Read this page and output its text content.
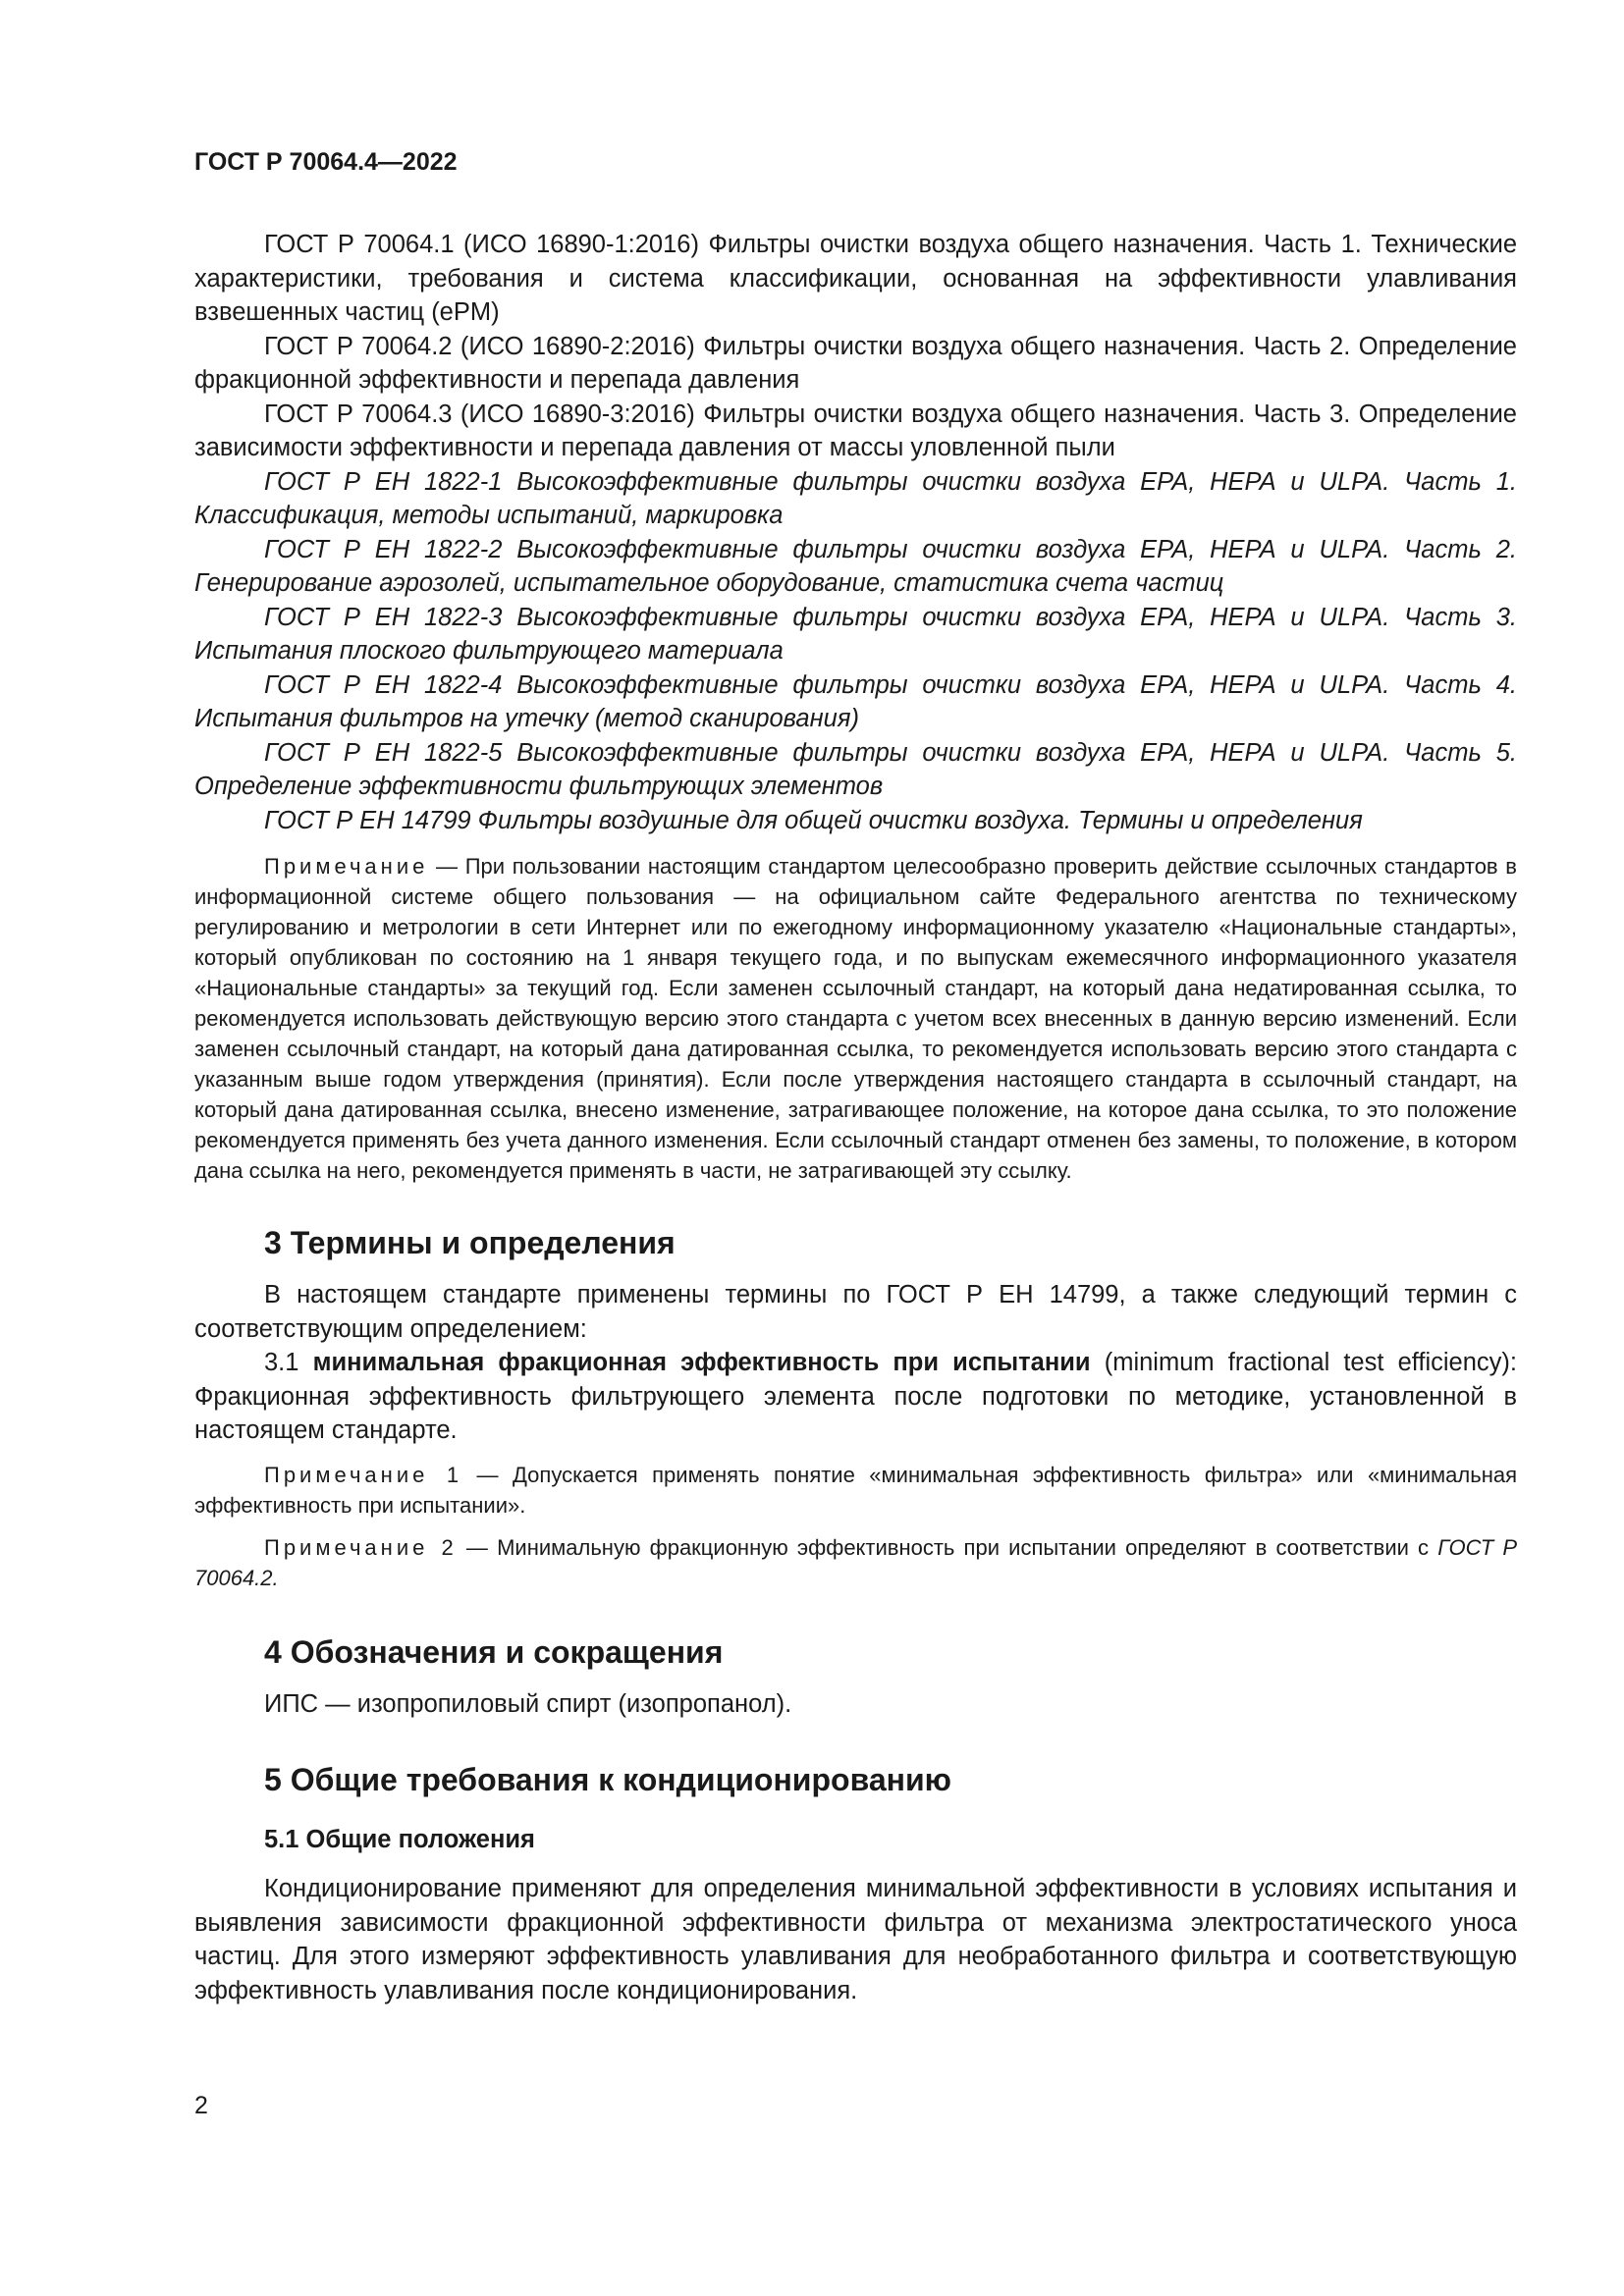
ГОСТ Р 70064.4—2022

ГОСТ Р 70064.1 (ИСО 16890-1:2016) Фильтры очистки воздуха общего назначения. Часть 1. Технические характеристики, требования и система классификации, основанная на эффективности улавливания взвешенных частиц (ePM)

ГОСТ Р 70064.2 (ИСО 16890-2:2016) Фильтры очистки воздуха общего назначения. Часть 2. Определение фракционной эффективности и перепада давления

ГОСТ Р 70064.3 (ИСО 16890-3:2016) Фильтры очистки воздуха общего назначения. Часть 3. Определение зависимости эффективности и перепада давления от массы уловленной пыли

ГОСТ Р ЕН 1822-1 Высокоэффективные фильтры очистки воздуха ЕРА, НЕРА и ULPA. Часть 1. Классификация, методы испытаний, маркировка

ГОСТ Р ЕН 1822-2 Высокоэффективные фильтры очистки воздуха ЕРА, НЕРА и ULPA. Часть 2. Генерирование аэрозолей, испытательное оборудование, статистика счета частиц

ГОСТ Р ЕН 1822-3 Высокоэффективные фильтры очистки воздуха ЕРА, НЕРА и ULPA. Часть 3. Испытания плоского фильтрующего материала

ГОСТ Р ЕН 1822-4 Высокоэффективные фильтры очистки воздуха ЕРА, НЕРА и ULPA. Часть 4. Испытания фильтров на утечку (метод сканирования)

ГОСТ Р ЕН 1822-5 Высокоэффективные фильтры очистки воздуха ЕРА, НЕРА и ULPA. Часть 5. Определение эффективности фильтрующих элементов

ГОСТ Р ЕН 14799 Фильтры воздушные для общей очистки воздуха. Термины и определения

Примечание — При пользовании настоящим стандартом целесообразно проверить действие ссылочных стандартов в информационной системе общего пользования — на официальном сайте Федерального агентства по техническому регулированию и метрологии в сети Интернет или по ежегодному информационному указателю «Национальные стандарты», который опубликован по состоянию на 1 января текущего года, и по выпускам ежемесячного информационного указателя «Национальные стандарты» за текущий год. Если заменен ссылочный стандарт, на который дана недатированная ссылка, то рекомендуется использовать действующую версию этого стандарта с учетом всех внесенных в данную версию изменений. Если заменен ссылочный стандарт, на который дана датированная ссылка, то рекомендуется использовать версию этого стандарта с указанным выше годом утверждения (принятия). Если после утверждения настоящего стандарта в ссылочный стандарт, на который дана датированная ссылка, внесено изменение, затрагивающее положение, на которое дана ссылка, то это положение рекомендуется применять без учета данного изменения. Если ссылочный стандарт отменен без замены, то положение, в котором дана ссылка на него, рекомендуется применять в части, не затрагивающей эту ссылку.

3 Термины и определения

В настоящем стандарте применены термины по ГОСТ Р ЕН 14799, а также следующий термин с соответствующим определением:

3.1 минимальная фракционная эффективность при испытании (minimum fractional test efficiency): Фракционная эффективность фильтрующего элемента после подготовки по методике, установленной в настоящем стандарте.

Примечание 1 — Допускается применять понятие «минимальная эффективность фильтра» или «минимальная эффективность при испытании».

Примечание 2 — Минимальную фракционную эффективность при испытании определяют в соответствии с ГОСТ Р 70064.2.

4 Обозначения и сокращения

ИПС — изопропиловый спирт (изопропанол).

5 Общие требования к кондиционированию
5.1 Общие положения

Кондиционирование применяют для определения минимальной эффективности в условиях испытания и выявления зависимости фракционной эффективности фильтра от механизма электростатического уноса частиц. Для этого измеряют эффективность улавливания для необработанного фильтра и соответствующую эффективность улавливания после кондиционирования.

2
